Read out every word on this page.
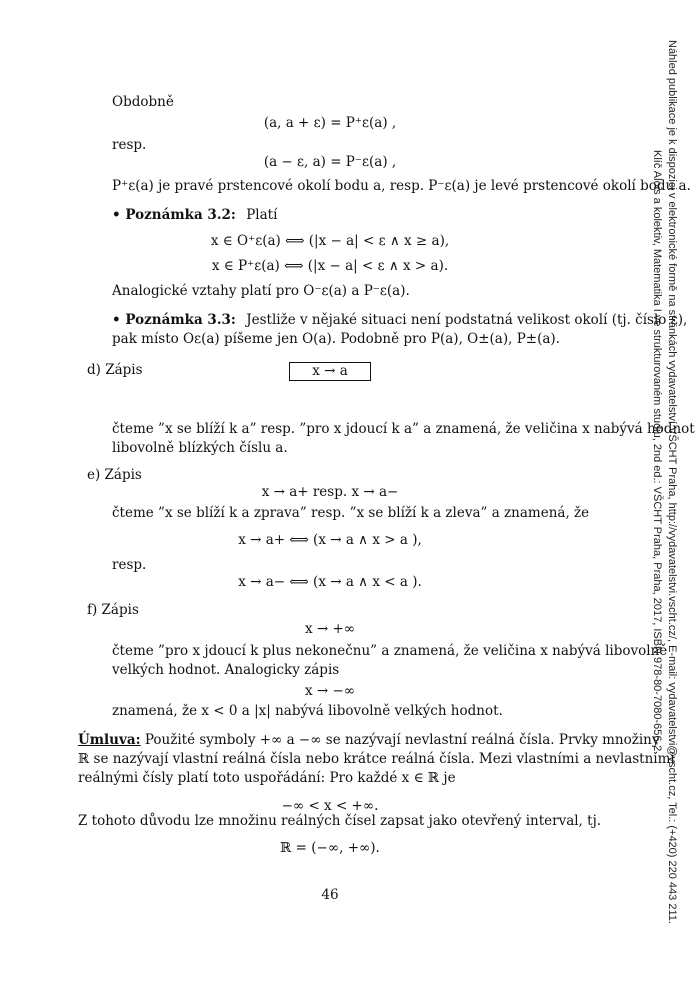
Obdobně
(a, a + ε) = P⁺ε(a) ,
resp.
(a − ε, a) = P⁻ε(a) ,
P⁺ε(a) je pravé prstencové okolí bodu a, resp. P⁻ε(a) je levé prstencové okolí bodu a.
• Poznámka 3.2: Platí
x ∈ O⁺ε(a) ⟺ (|x − a| < ε ∧ x ≥ a),
x ∈ P⁺ε(a) ⟺ (|x − a| < ε ∧ x > a).
Analogické vztahy platí pro O⁻ε(a) a P⁻ε(a).
• Poznámka 3.3: Jestliže v nějaké situaci není podstatná velikost okolí (tj. číslo ε),
pak místo Oε(a) píšeme jen O(a). Podobně pro P(a), O±(a), P±(a).
d) Zápis	x → a
čteme ”x se blíží k a” resp. ”pro x jdoucí k a” a znamená, že veličina x nabývá hodnot
libovolně blízkých číslu a.
e) Zápis
x → a+ resp. x → a−
čteme ”x se blíží k a zprava” resp. ”x se blíží k a zleva” a znamená, že
x → a+ ⟺ (x → a ∧ x > a ),
resp.
x → a− ⟺ (x → a ∧ x < a ).
f) Zápis
x → +∞
čteme ”pro x jdoucí k plus nekonečnu” a znamená, že veličina x nabývá libovolně
velkých hodnot. Analogicky zápis
x → −∞
znamená, že x < 0 a |x| nabývá libovolně velkých hodnot.
Úmluva: Použité symboly +∞ a −∞ se nazývají nevlastní reálná čísla. Prvky množiny
ℝ se nazývají vlastní reálná čísla nebo krátce reálná čísla. Mezi vlastními a nevlastními
reálnými čísly platí toto uspořádání: Pro každé x ∈ ℝ je
−∞ < x < +∞.
Z tohoto důvodu lze množinu reálných čísel zapsat jako otevřený interval, tj.
ℝ = (−∞, +∞).
46	Náhled publikace je k dispozici v elektronické formě na stránkách vydavatelství VŠCHT Praha, http://vydavatelstvi.vscht.cz/, E-mail: vydavatelstvi@vscht.cz, Tel.: (+420) 220 443 211.
Klíč Alois a kolektiv, Matematika I ve strukturovaném studiu, 2nd ed.: VŠCHT Praha, Praha, 2017, ISBN 978-80-7080-656-2.
